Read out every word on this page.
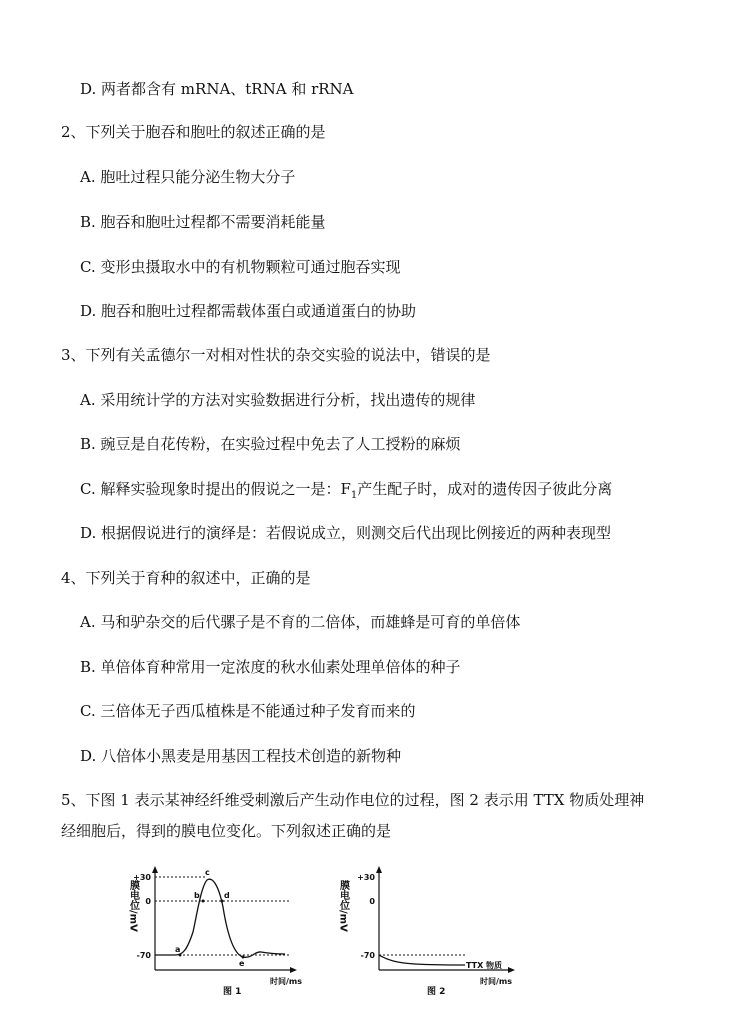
D. 两者都含有 mRNA、tRNA 和 rRNA
2、下列关于胞吞和胞吐的叙述正确的是
A. 胞吐过程只能分泌生物大分子
B. 胞吞和胞吐过程都不需要消耗能量
C. 变形虫摄取水中的有机物颗粒可通过胞吞实现
D. 胞吞和胞吐过程都需载体蛋白或通道蛋白的协助
3、下列有关孟德尔一对相对性状的杂交实验的说法中，错误的是
A. 采用统计学的方法对实验数据进行分析，找出遗传的规律
B. 豌豆是自花传粉，在实验过程中免去了人工授粉的麻烦
C. 解释实验现象时提出的假说之一是：$F_1$产生配子时，成对的遗传因子彼此分离
D. 根据假说进行的演绎是：若假说成立，则测交后代出现比例接近的两种表现型
4、下列关于育种的叙述中，正确的是
A. 马和驴杂交的后代骡子是不育的二倍体，而雄蜂是可育的单倍体
B. 单倍体育种常用一定浓度的秋水仙素处理单倍体的种子
C. 三倍体无子西瓜植株是不能通过种子发育而来的
D. 八倍体小黑麦是用基因工程技术创造的新物种
5、下图 1 表示某神经纤维受刺激后产生动作电位的过程，图 2 表示用 TTX 物质处理神
经细胞后，得到的膜电位变化。下列叙述正确的是
膜电位/mV
+30
0
-70
a
b
c
d
e
时间/ms
图 1
膜电位/mV
+30
0
-70
TTX 物质
时间/ms
图 2
